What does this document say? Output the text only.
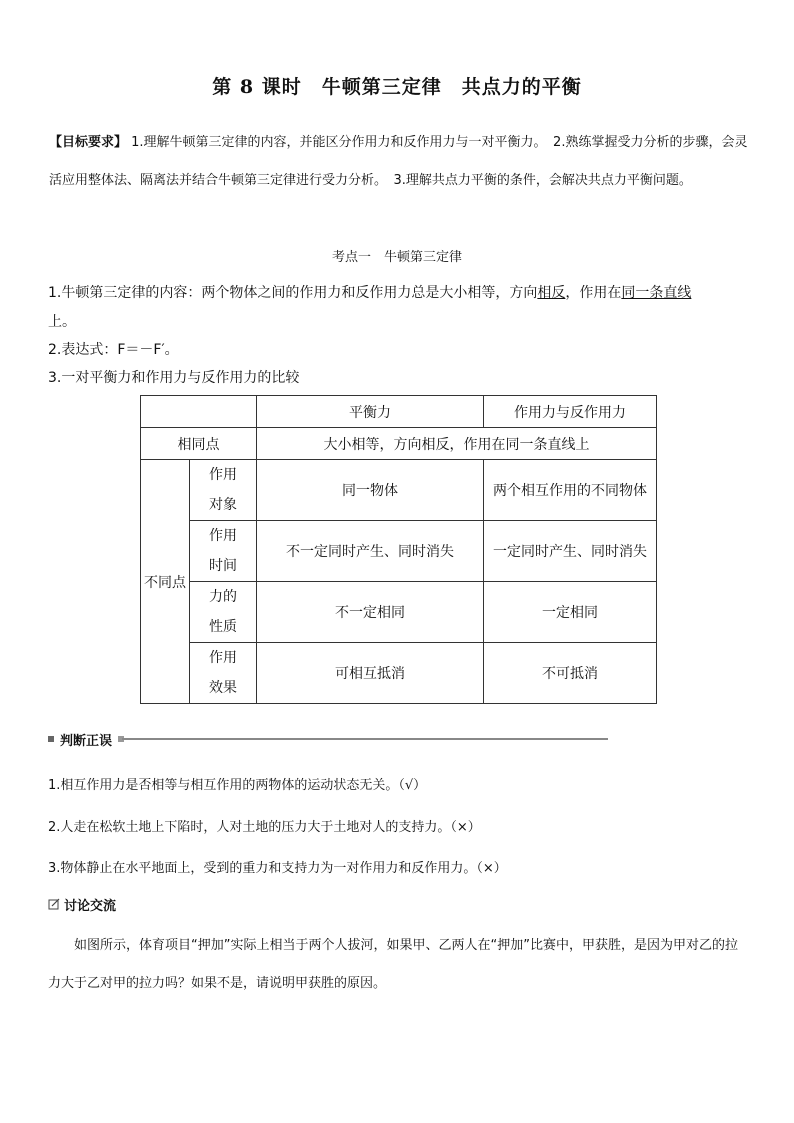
第 8 课时　牛顿第三定律　共点力的平衡
【目标要求】 1.理解牛顿第三定律的内容，并能区分作用力和反作用力与一对平衡力。　2.熟练掌握受力分析的步骤，会灵活应用整体法、隔离法并结合牛顿第三定律进行受力分析。　3.理解共点力平衡的条件，会解决共点力平衡问题。
考点一　牛顿第三定律
1.牛顿第三定律的内容：两个物体之间的作用力和反作用力总是大小相等，方向相反，作用在同一条直线
上。
2.表达式：F＝－F′。
3.一对平衡力和作用力与反作用力的比较
		平衡力	作用力与反作用力
相同点		大小相等，方向相反，作用在同一条直线上	
不同点	作用
对象	同一物体	两个相互作用的不同物体

	作用
时间	不一定同时产生、同时消失	一定同时产生、同时消失

	力的
性质	不一定相同	一定相同

	作用
效果	可相互抵消	不可抵消
判断正误
1.相互作用力是否相等与相互作用的两物体的运动状态无关。（√）
2.人走在松软土地上下陷时，人对土地的压力大于土地对人的支持力。（×）
3.物体静止在水平地面上，受到的重力和支持力为一对作用力和反作用力。（×）
讨论交流
如图所示，体育项目“押加”实际上相当于两个人拔河，如果甲、乙两人在“押加”比赛中，甲获胜，是因为甲对乙的拉力大于乙对甲的拉力吗？如果不是，请说明甲获胜的原因。
